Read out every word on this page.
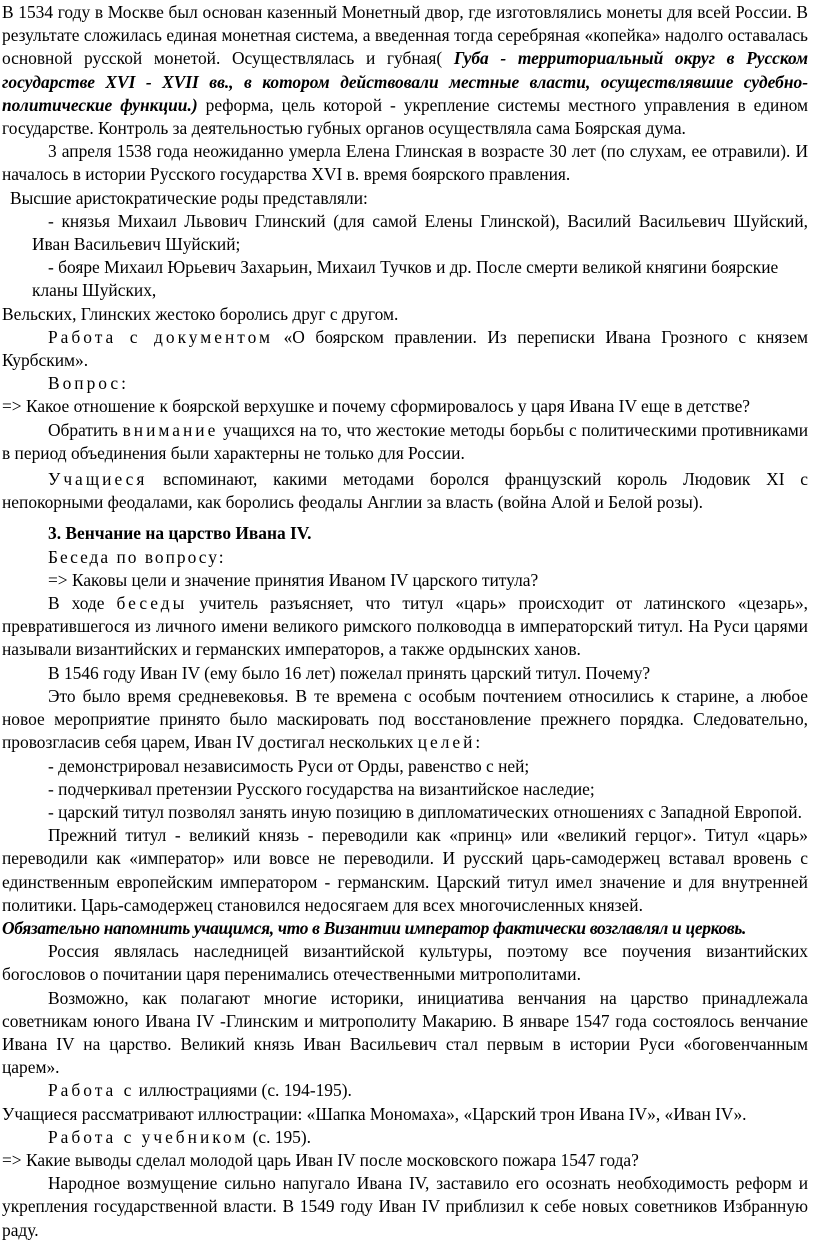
В 1534 году в Москве был основан казенный Монетный двор, где изготовлялись монеты для всей России. В результате сложилась единая монетная система, а введенная тогда серебряная «копейка» надолго оставалась основной русской монетой. Осуществлялась и губная( Губа - территориальный округ в Русском государстве XVI - XVII вв., в котором действовали местные власти, осуществлявшие судебно-политические функции.) реформа, цель которой - укрепление системы местного управления в едином государстве. Контроль за деятельностью губных органов осуществляла сама Боярская дума.

3 апреля 1538 года неожиданно умерла Елена Глинская в возрасте 30 лет (по слухам, ее отравили). И началось в истории Русского государства XVI в. время боярского правления.

Высшие аристократические роды представляли:

- князья Михаил Львович Глинский (для самой Елены Глинской), Василий Васильевич Шуйский, Иван Васильевич Шуйский;

- бояре Михаил Юрьевич Захарьин, Михаил Тучков и др. После смерти великой княгини боярские кланы Шуйских,

Вельских, Глинских жестоко боролись друг с другом.

Работа с документом «О боярском правлении. Из переписки Ивана Грозного с князем Курбским».

Вопрос:

=> Какое отношение к боярской верхушке и почему сформировалось у царя Ивана IV еще в детстве?

Обратить внимание учащихся на то, что жестокие методы борьбы с политическими противниками в период объединения были характерны не только для России.

Учащиеся вспоминают, какими методами боролся французский король Людовик XI с непокорными феодалами, как боролись феодалы Англии за власть (война Алой и Белой розы).

3. Венчание на царство Ивана IV.

Беседа по вопросу:

=> Каковы цели и значение принятия Иваном IV царского титула?

В ходе беседы учитель разъясняет, что титул «царь» происходит от латинского «цезарь», превратившегося из личного имени великого римского полководца в императорский титул. На Руси царями называли византийских и германских императоров, а также ордынских ханов.

В 1546 году Иван IV (ему было 16 лет) пожелал принять царский титул. Почему?

Это было время средневековья. В те времена с особым почтением относились к старине, а любое новое мероприятие принято было маскировать под восстановление прежнего порядка. Следовательно, провозгласив себя царем, Иван IV достигал нескольких целей:

- демонстрировал независимость Руси от Орды, равенство с ней;

- подчеркивал претензии Русского государства на византийское наследие;

- царский титул позволял занять иную позицию в дипломатических отношениях с Западной Европой.

Прежний титул - великий князь - переводили как «принц» или «великий герцог». Титул «царь» переводили как «император» или вовсе не переводили. И русский царь-самодержец вставал вровень с единственным европейским императором - германским. Царский титул имел значение и для внутренней политики. Царь-самодержец становился недосягаем для всех многочисленных князей.

Обязательно напомнить учащимся, что в Византии император фактически возглавлял и церковь.

Россия являлась наследницей византийской культуры, поэтому все поучения византийских богословов о почитании царя перенимались отечественными митрополитами.

Возможно, как полагают многие историки, инициатива венчания на царство принадлежала советникам юного Ивана IV -Глинским и митрополиту Макарию. В январе 1547 года состоялось венчание Ивана IV на царство. Великий князь Иван Васильевич стал первым в истории Руси «боговенчанным царем».

Работа с иллюстрациями (с. 194-195).

Учащиеся рассматривают иллюстрации: «Шапка Мономаха», «Царский трон Ивана IV», «Иван IV».

Работа с учебником (с. 195).

=> Какие выводы сделал молодой царь Иван IV после московского пожара 1547 года?

Народное возмущение сильно напугало Ивана IV, заставило его осознать необходимость реформ и укрепления государственной власти. В 1549 году Иван IV приблизил к себе новых советников Избранную раду.
